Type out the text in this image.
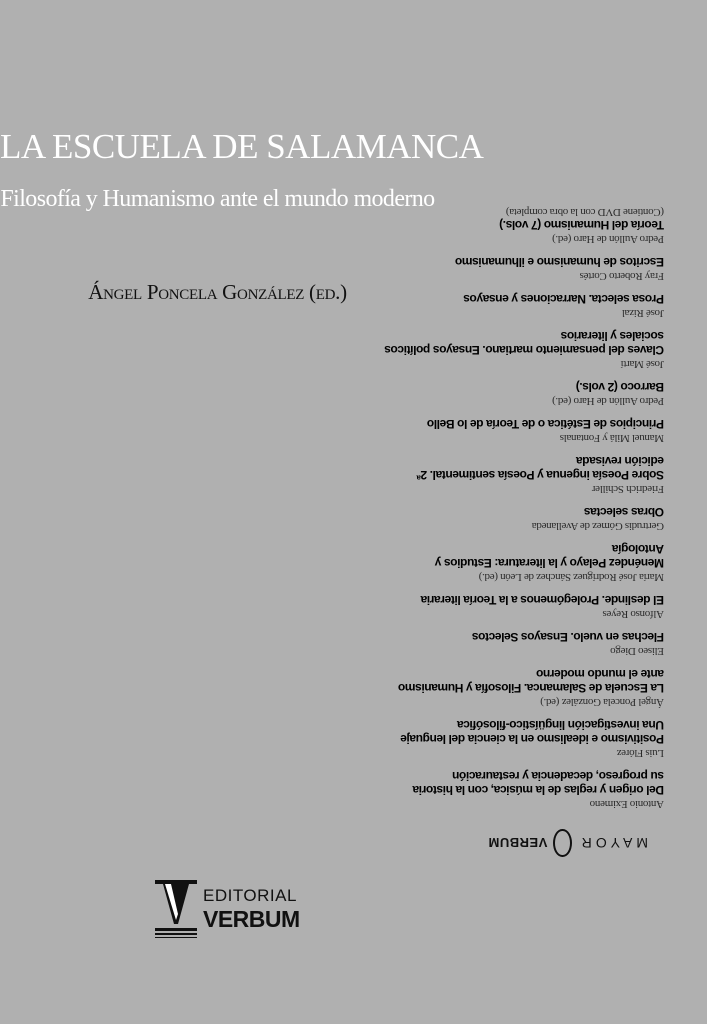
LA ESCUELA DE SALAMANCA
Filosofía y Humanismo ante el mundo moderno
Ángel Poncela González (ed.)
Antonio Eximeno
Del origen y reglas de la música, con la historia
su progreso, decadencia y restauración
Luis Flórez
Positivismo e idealismo en la ciencia del lenguaje
Una investigación lingüístico-filosófica
Ángel Poncela González (ed.)
La Escuela de Salamanca. Filosofía y Humanismo
ante el mundo moderno
Eliseo Diego
Flechas en vuelo. Ensayos Selectos
Alfonso Reyes
El deslinde. Prolegómenos a la Teoría literaria
María José Rodríguez Sánchez de León (ed.)
Menéndez Pelayo y la literatura: Estudios y
Antología
Gertrudis Gómez de Avellaneda
Obras selectas
Friedrich Schiller
Sobre Poesía ingenua y Poesía sentimental. 2ª
edición revisada
Manuel Milá y Fontanals
Principios de Estética o de Teoría de lo Bello
Pedro Aullón de Haro (ed.)
Barroco (2 vols.)
José Martí
Claves del pensamiento martiano. Ensayos políticos
sociales y literarios
José Rizal
Prosa selecta. Narraciones y ensayos
Fray Roberto Cortés
Escritos de humanismo e ilhumanismo
Pedro Aullón de Haro (ed.)
Teoría del Humanismo (7 vols.)
(Contiene DVD con la obra completa)
MAYOR
VERBUM
EDITORIAL
VERBUM
